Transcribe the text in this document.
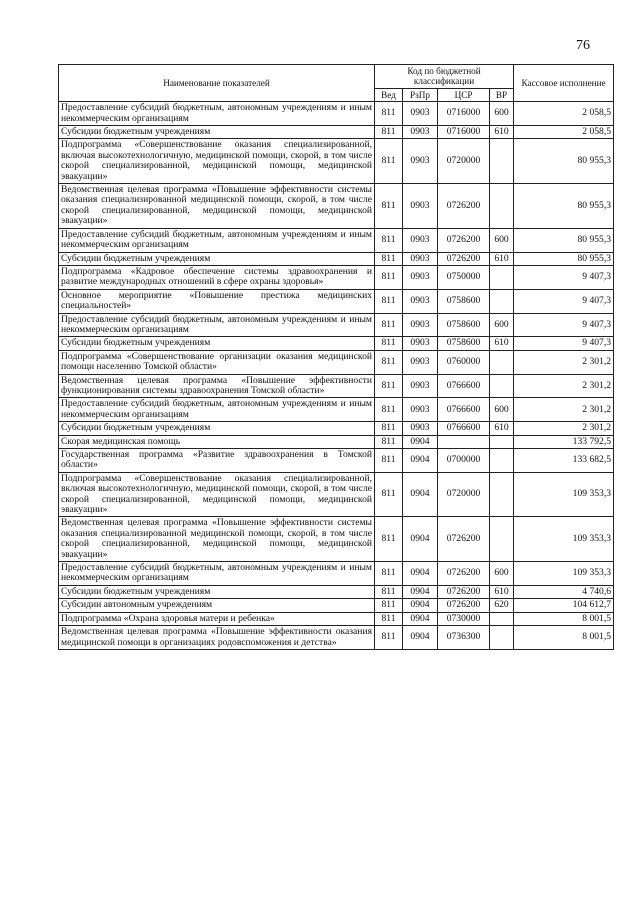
76
Наименование показателей	Код по бюджетной классификации				Кассовое исполнение
	Вед	РзПр	ЦСР	ВР	
Предоставление субсидий бюджетным, автономным учреждениям и иным некоммерческим организациям	811	0903	0716000	600	2 058,5
Субсидии бюджетным учреждениям	811	0903	0716000	610	2 058,5
Подпрограмма «Совершенствование оказания специализированной, включая высокотехнологичную, медицинской помощи, скорой, в том числе скорой специализированной, медицинской помощи, медицинской эвакуации»	811	0903	0720000		80 955,3
Ведомственная целевая программа «Повышение эффективности системы оказания специализированной медицинской помощи, скорой, в том числе скорой специализированной, медицинской помощи, медицинской эвакуации»	811	0903	0726200		80 955,3
Предоставление субсидий бюджетным, автономным учреждениям и иным некоммерческим организациям	811	0903	0726200	600	80 955,3
Субсидии бюджетным учреждениям	811	0903	0726200	610	80 955,3
Подпрограмма «Кадровое обеспечение системы здравоохранения и развитие международных отношений в сфере охраны здоровья»	811	0903	0750000		9 407,3
Основное мероприятие «Повышение престижа медицинских специальностей»	811	0903	0758600		9 407,3
Предоставление субсидий бюджетным, автономным учреждениям и иным некоммерческим организациям	811	0903	0758600	600	9 407,3
Субсидии бюджетным учреждениям	811	0903	0758600	610	9 407,3
Подпрограмма «Совершенствование организации оказания медицинской помощи населению Томской области»	811	0903	0760000		2 301,2
Ведомственная целевая программа «Повышение эффективности функционирования системы здравоохранения Томской области»	811	0903	0766600		2 301,2
Предоставление субсидий бюджетным, автономным учреждениям и иным некоммерческим организациям	811	0903	0766600	600	2 301,2
Субсидии бюджетным учреждениям	811	0903	0766600	610	2 301,2
Скорая медицинская помощь	811	0904			133 792,5
Государственная программа «Развитие здравоохранения в Томской области»	811	0904	0700000		133 682,5
Подпрограмма «Совершенствование оказания специализированной, включая высокотехнологичную, медицинской помощи, скорой, в том числе скорой специализированной, медицинской помощи, медицинской эвакуации»	811	0904	0720000		109 353,3
Ведомственная целевая программа «Повышение эффективности системы оказания специализированной медицинской помощи, скорой, в том числе скорой специализированной, медицинской помощи, медицинской эвакуации»	811	0904	0726200		109 353,3
Предоставление субсидий бюджетным, автономным учреждениям и иным некоммерческим организациям	811	0904	0726200	600	109 353,3
Субсидии бюджетным учреждениям	811	0904	0726200	610	4 740,6
Субсидии автономным учреждениям	811	0904	0726200	620	104 612,7
Подпрограмма «Охрана здоровья матери и ребенка»	811	0904	0730000		8 001,5
Ведомственная целевая программа «Повышение эффективности оказания медицинской помощи в организациях родовспоможения и детства»	811	0904	0736300		8 001,5
